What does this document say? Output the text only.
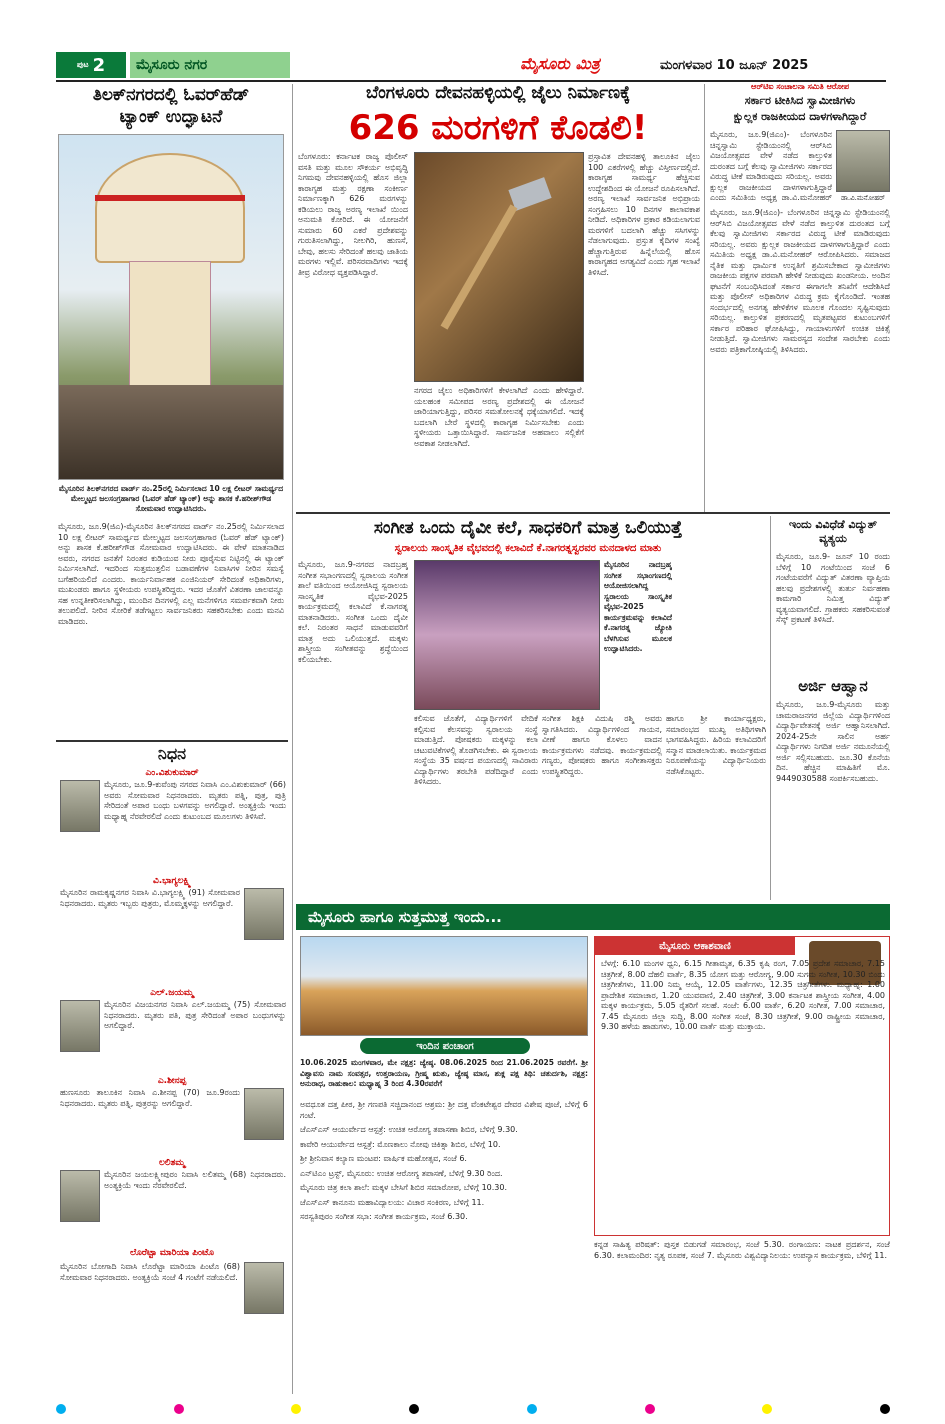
ಪುಟ 2	ಮೈಸೂರು ನಗರ	ಮೈಸೂರು ಮಿತ್ರ	ಮಂಗಳವಾರ 10 ಜೂನ್ 2025
ತಿಲಕ್‌ನಗರದಲ್ಲಿ ಓವರ್‌ಹೆಡ್
ಟ್ಯಾಂಕ್ ಉದ್ಘಾಟನೆ
ಮೈಸೂರಿನ ತಿಲಕ್‌ನಗರದ ವಾರ್ಡ್ ನಂ.25ರಲ್ಲಿ ನಿರ್ಮಿಸಲಾದ 10 ಲಕ್ಷ ಲೀಟರ್ ಸಾಮರ್ಥ್ಯದ ಮೇಲ್ಮಟ್ಟದ ಜಲಸಂಗ್ರಹಾಗಾರ (ಓವರ್ ಹೆಡ್ ಟ್ಯಾಂಕ್) ಅನ್ನು ಶಾಸಕ ಕೆ.ಹರೀಶ್‌ಗೌಡ ಸೋಮವಾರ ಉದ್ಘಾಟಿಸಿದರು.
ಮೈಸೂರು, ಜೂ.9(ಜಿಎ)-ಮೈಸೂರಿನ ತಿಲಕ್‌ನಗರದ ವಾರ್ಡ್ ನಂ.25ರಲ್ಲಿ ನಿರ್ಮಿಸಲಾದ 10 ಲಕ್ಷ ಲೀಟರ್ ಸಾಮರ್ಥ್ಯದ ಮೇಲ್ಮಟ್ಟದ ಜಲಸಂಗ್ರಹಾಗಾರ (ಓವರ್ ಹೆಡ್ ಟ್ಯಾಂಕ್) ಅನ್ನು ಶಾಸಕ ಕೆ.ಹರೀಶ್‌ಗೌಡ ಸೋಮವಾರ ಉದ್ಘಾಟಿಸಿದರು. ಈ ವೇಳೆ ಮಾತನಾಡಿದ ಅವರು, ನಗರದ ಜನತೆಗೆ ನಿರಂತರ ಕುಡಿಯುವ ನೀರು ಪೂರೈಸುವ ನಿಟ್ಟಿನಲ್ಲಿ ಈ ಟ್ಯಾಂಕ್ ನಿರ್ಮಿಸಲಾಗಿದೆ. ಇದರಿಂದ ಸುತ್ತಮುತ್ತಲಿನ ಬಡಾವಣೆಗಳ ನಿವಾಸಿಗಳ ನೀರಿನ ಸಮಸ್ಯೆ ಬಗೆಹರಿಯಲಿದೆ ಎಂದರು. ಕಾರ್ಯನಿರ್ವಾಹಕ ಎಂಜಿನಿಯರ್ ಸೇರಿದಂತೆ ಅಧಿಕಾರಿಗಳು, ಮುಖಂಡರು ಹಾಗೂ ಸ್ಥಳೀಯರು ಉಪಸ್ಥಿತರಿದ್ದರು. ಇದರ ಜೊತೆಗೆ ವಿತರಣಾ ಜಾಲವನ್ನೂ ಸಹ ಉನ್ನತೀಕರಿಸಲಾಗಿದ್ದು, ಮುಂದಿನ ದಿನಗಳಲ್ಲಿ ಎಲ್ಲ ಮನೆಗಳಿಗೂ ಸಮರ್ಪಕವಾಗಿ ನೀರು ತಲುಪಲಿದೆ. ನೀರಿನ ಸೋರಿಕೆ ತಡೆಗಟ್ಟಲು ಸಾರ್ವಜನಿಕರು ಸಹಕರಿಸಬೇಕು ಎಂದು ಮನವಿ ಮಾಡಿದರು.
ನಿಧನ
ಎಂ.ವಿಶುಕುಮಾರ್
ಮೈಸೂರು, ಜೂ.9-ಕುವೆಂಪು ನಗರದ ನಿವಾಸಿ ಎಂ.ವಿಶುಕುಮಾರ್ (66) ಅವರು ಸೋಮವಾರ ನಿಧನರಾದರು. ಮೃತರು ಪತ್ನಿ, ಪುತ್ರ, ಪುತ್ರಿ ಸೇರಿದಂತೆ ಅಪಾರ ಬಂಧು ಬಳಗವನ್ನು ಅಗಲಿದ್ದಾರೆ. ಅಂತ್ಯಕ್ರಿಯೆ ಇಂದು ಮಧ್ಯಾಹ್ನ ನೆರವೇರಲಿದೆ ಎಂದು ಕುಟುಂಬದ ಮೂಲಗಳು ತಿಳಿಸಿವೆ.
ವಿ.ಭಾಗ್ಯಲಕ್ಷ್ಮಿ
ಮೈಸೂರಿನ ರಾಮಕೃಷ್ಣನಗರ ನಿವಾಸಿ ವಿ.ಭಾಗ್ಯಲಕ್ಷ್ಮಿ (91) ಸೋಮವಾರ ನಿಧನರಾದರು. ಮೃತರು ಇಬ್ಬರು ಪುತ್ರರು, ಮೊಮ್ಮಕ್ಕಳನ್ನು ಅಗಲಿದ್ದಾರೆ.
ಎಲ್.ಜಯಮ್ಮ
ಮೈಸೂರಿನ ವಿಜಯನಗರ ನಿವಾಸಿ ಎಲ್.ಜಯಮ್ಮ (75) ಸೋಮವಾರ ನಿಧನರಾದರು. ಮೃತರು ಪತಿ, ಪುತ್ರ ಸೇರಿದಂತೆ ಅಪಾರ ಬಂಧುಗಳನ್ನು ಅಗಲಿದ್ದಾರೆ.
ಎ.ಶೀನಪ್ಪ
ಹುಣಸೂರು ತಾಲೂಕಿನ ನಿವಾಸಿ ಎ.ಶೀನಪ್ಪ (70) ಜೂ.9ರಂದು ನಿಧನರಾದರು. ಮೃತರು ಪತ್ನಿ, ಪುತ್ರರನ್ನು ಅಗಲಿದ್ದಾರೆ.
ಲಲಿತಮ್ಮ
ಮೈಸೂರಿನ ಜಯಲಕ್ಷ್ಮೀಪುರಂ ನಿವಾಸಿ ಲಲಿತಮ್ಮ (68) ನಿಧನರಾದರು. ಅಂತ್ಯಕ್ರಿಯೆ ಇಂದು ನೆರವೇರಲಿದೆ.
ಲೊರೆಟ್ಟಾ ಮಾರಿಯಾ ಪಿಂಟೊ
ಮೈಸೂರಿನ ಬೋಗಾದಿ ನಿವಾಸಿ ಲೊರೆಟ್ಟಾ ಮಾರಿಯಾ ಪಿಂಟೊ (68) ಸೋಮವಾರ ನಿಧನರಾದರು. ಅಂತ್ಯಕ್ರಿಯೆ ಸಂಜೆ 4 ಗಂಟೆಗೆ ನಡೆಯಲಿದೆ.
ಬೆಂಗಳೂರು ದೇವನಹಳ್ಳಿಯಲ್ಲಿ ಜೈಲು ನಿರ್ಮಾಣಕ್ಕೆ
626 ಮರಗಳಿಗೆ ಕೊಡಲಿ!
ಬೆಂಗಳೂರು: ಕರ್ನಾಟಕ ರಾಜ್ಯ ಪೊಲೀಸ್ ವಸತಿ ಮತ್ತು ಮೂಲ ಸೌಕರ್ಯ ಅಭಿವೃದ್ಧಿ ನಿಗಮವು ದೇವನಹಳ್ಳಿಯಲ್ಲಿ ಹೊಸ ಜಿಲ್ಲಾ ಕಾರಾಗೃಹ ಮತ್ತು ರಕ್ಷಣಾ ಸಂಕೀರ್ಣ ನಿರ್ಮಾಣಕ್ಕಾಗಿ 626 ಮರಗಳನ್ನು ಕಡಿಯಲು ರಾಜ್ಯ ಅರಣ್ಯ ಇಲಾಖೆ ಯಿಂದ ಅನುಮತಿ ಕೋರಿದೆ. ಈ ಯೋಜನೆಗೆ ಸುಮಾರು 60 ಎಕರೆ ಪ್ರದೇಶವನ್ನು ಗುರುತಿಸಲಾಗಿದ್ದು, ನೀಲಗಿರಿ, ಹುಣಸೆ, ಬೇವು, ಹಲಸು ಸೇರಿದಂತೆ ಹಲವು ಜಾತಿಯ ಮರಗಳು ಇಲ್ಲಿವೆ. ಪರಿಸರವಾದಿಗಳು ಇದಕ್ಕೆ ತೀವ್ರ ವಿರೋಧ ವ್ಯಕ್ತಪಡಿಸಿದ್ದಾರೆ.
ನಗರದ ಜೈಲು ಅಧಿಕಾರಿಗಳಿಗೆ ಕೇಳಲಾಗಿದೆ ಎಂದು ಹೇಳಿದ್ದಾರೆ. ಯಲಹಂಕ ಸಮೀಪದ ಅರಣ್ಯ ಪ್ರದೇಶದಲ್ಲಿ ಈ ಯೋಜನೆ ಜಾರಿಯಾಗುತ್ತಿದ್ದು, ಪರಿಸರ ಸಮತೋಲನಕ್ಕೆ ಧಕ್ಕೆಯಾಗಲಿದೆ. ಇದಕ್ಕೆ ಬದಲಾಗಿ ಬೇರೆ ಸ್ಥಳದಲ್ಲಿ ಕಾರಾಗೃಹ ನಿರ್ಮಿಸಬೇಕು ಎಂದು ಸ್ಥಳೀಯರು ಒತ್ತಾಯಿಸಿದ್ದಾರೆ. ಸಾರ್ವಜನಿಕ ಅಹವಾಲು ಸಲ್ಲಿಕೆಗೆ ಅವಕಾಶ ನೀಡಲಾಗಿದೆ.
ಪ್ರಸ್ತಾವಿತ ದೇವನಹಳ್ಳಿ ತಾಲೂಕಿನ ಜೈಲು 100 ಎಕರೆಗಳಲ್ಲಿ ಹೆಚ್ಚು ವಿಸ್ತೀರ್ಣದಲ್ಲಿದೆ. ಕಾರಾಗೃಹ ಸಾಮರ್ಥ್ಯ ಹೆಚ್ಚಿಸುವ ಉದ್ದೇಶದಿಂದ ಈ ಯೋಜನೆ ರೂಪಿಸಲಾಗಿದೆ. ಅರಣ್ಯ ಇಲಾಖೆ ಸಾರ್ವಜನಿಕ ಅಭಿಪ್ರಾಯ ಸಂಗ್ರಹಿಸಲು 10 ದಿನಗಳ ಕಾಲಾವಕಾಶ ನೀಡಿದೆ. ಅಧಿಕಾರಿಗಳ ಪ್ರಕಾರ ಕಡಿಯಲಾಗುವ ಮರಗಳಿಗೆ ಬದಲಾಗಿ ಹೆಚ್ಚು ಸಸಿಗಳನ್ನು ನೆಡಲಾಗುವುದು. ಪ್ರಸ್ತುತ ಕೈದಿಗಳ ಸಂಖ್ಯೆ ಹೆಚ್ಚಾಗುತ್ತಿರುವ ಹಿನ್ನೆಲೆಯಲ್ಲಿ ಹೊಸ ಕಾರಾಗೃಹದ ಅಗತ್ಯವಿದೆ ಎಂದು ಗೃಹ ಇಲಾಖೆ ತಿಳಿಸಿದೆ.
ಆರ್‌ಟಿಐ ಸಂಚಾಲನಾ ಸಮಿತಿ ಆರೋಪ
ಸರ್ಕಾರ ಟೀಕಿಸಿದ ಸ್ವಾಮೀಜಿಗಳು
ಕ್ಷುಲ್ಲಕ ರಾಜಕೀಯದ ದಾಳಗಳಾಗಿದ್ದಾರೆ
ಡಾ.ವಿ.ಮನೋಹರ್
ಮೈಸೂರು, ಜೂ.9(ಜಿಎಂ)- ಬೆಂಗಳೂರಿನ ಚಿನ್ನಸ್ವಾಮಿ ಸ್ಟೇಡಿಯಂನಲ್ಲಿ ಆರ್‌ಸಿಬಿ ವಿಜಯೋತ್ಸವದ ವೇಳೆ ನಡೆದ ಕಾಲ್ತುಳಿತ ದುರಂತದ ಬಗ್ಗೆ ಕೆಲವು ಸ್ವಾಮೀಜಿಗಳು ಸರ್ಕಾರದ ವಿರುದ್ಧ ಟೀಕೆ ಮಾಡಿರುವುದು ಸರಿಯಲ್ಲ. ಅವರು ಕ್ಷುಲ್ಲಕ ರಾಜಕೀಯದ ದಾಳಗಳಾಗುತ್ತಿದ್ದಾರೆ ಎಂದು ಸಮಿತಿಯ ಅಧ್ಯಕ್ಷ ಡಾ.ವಿ.ಮನೋಹರ್
ಮೈಸೂರು, ಜೂ.9(ಜಿಎಂ)- ಬೆಂಗಳೂರಿನ ಚಿನ್ನಸ್ವಾಮಿ ಸ್ಟೇಡಿಯಂನಲ್ಲಿ ಆರ್‌ಸಿಬಿ ವಿಜಯೋತ್ಸವದ ವೇಳೆ ನಡೆದ ಕಾಲ್ತುಳಿತ ದುರಂತದ ಬಗ್ಗೆ ಕೆಲವು ಸ್ವಾಮೀಜಿಗಳು ಸರ್ಕಾರದ ವಿರುದ್ಧ ಟೀಕೆ ಮಾಡಿರುವುದು ಸರಿಯಲ್ಲ. ಅವರು ಕ್ಷುಲ್ಲಕ ರಾಜಕೀಯದ ದಾಳಗಳಾಗುತ್ತಿದ್ದಾರೆ ಎಂದು ಸಮಿತಿಯ ಅಧ್ಯಕ್ಷ ಡಾ.ವಿ.ಮನೋಹರ್ ಆರೋಪಿಸಿದರು. ಸಮಾಜದ ನೈತಿಕ ಮತ್ತು ಧಾರ್ಮಿಕ ಉನ್ನತಿಗೆ ಶ್ರಮಿಸಬೇಕಾದ ಸ್ವಾಮೀಜಿಗಳು ರಾಜಕೀಯ ಪಕ್ಷಗಳ ಪರವಾಗಿ ಹೇಳಿಕೆ ನೀಡುವುದು ಖಂಡನೀಯ. ಅಂದಿನ ಘಟನೆಗೆ ಸಂಬಂಧಿಸಿದಂತೆ ಸರ್ಕಾರ ಈಗಾಗಲೇ ತನಿಖೆಗೆ ಆದೇಶಿಸಿದೆ ಮತ್ತು ಪೊಲೀಸ್ ಅಧಿಕಾರಿಗಳ ವಿರುದ್ಧ ಕ್ರಮ ಕೈಗೊಂಡಿದೆ. ಇಂತಹ ಸಂದರ್ಭದಲ್ಲಿ ಅನಗತ್ಯ ಹೇಳಿಕೆಗಳ ಮೂಲಕ ಗೊಂದಲ ಸೃಷ್ಟಿಸುವುದು ಸರಿಯಲ್ಲ. ಕಾಲ್ತುಳಿತ ಪ್ರಕರಣದಲ್ಲಿ ಮೃತಪಟ್ಟವರ ಕುಟುಂಬಗಳಿಗೆ ಸರ್ಕಾರ ಪರಿಹಾರ ಘೋಷಿಸಿದ್ದು, ಗಾಯಾಳುಗಳಿಗೆ ಉಚಿತ ಚಿಕಿತ್ಸೆ ನೀಡುತ್ತಿದೆ. ಸ್ವಾಮೀಜಿಗಳು ಸಾಮರಸ್ಯದ ಸಂದೇಶ ಸಾರಬೇಕು ಎಂದು ಅವರು ಪತ್ರಿಕಾಗೋಷ್ಠಿಯಲ್ಲಿ ತಿಳಿಸಿದರು.
ಸಂಗೀತ ಒಂದು ದೈವೀ ಕಲೆ, ಸಾಧಕರಿಗೆ ಮಾತ್ರ ಒಲಿಯುತ್ತೆ
ಸ್ವರಾಲಯ ಸಾಂಸ್ಕೃತಿಕ ವೈಭವದಲ್ಲಿ ಕಲಾವಿದೆ ಕೆ.ನಾಗರತ್ನಸ್ವರವರ ಮನದಾಳದ ಮಾತು
ಮೈಸೂರು, ಜೂ.9-ನಗರದ ನಾದಬ್ರಹ್ಮ ಸಂಗೀತ ಸಭಾಂಗಣದಲ್ಲಿ ಸ್ವರಾಲಯ ಸಂಗೀತ ಶಾಲೆ ವತಿಯಿಂದ ಆಯೋಜಿಸಿದ್ದ ಸ್ವರಾಲಯ ಸಾಂಸ್ಕೃತಿಕ ವೈಭವ-2025 ಕಾರ್ಯಕ್ರಮದಲ್ಲಿ ಕಲಾವಿದೆ ಕೆ.ನಾಗರತ್ನ ಮಾತನಾಡಿದರು. ಸಂಗೀತ ಒಂದು ದೈವೀ ಕಲೆ. ನಿರಂತರ ಸಾಧನೆ ಮಾಡುವವರಿಗೆ ಮಾತ್ರ ಅದು ಒಲಿಯುತ್ತದೆ. ಮಕ್ಕಳು ಶಾಸ್ತ್ರೀಯ ಸಂಗೀತವನ್ನು ಶ್ರದ್ಧೆಯಿಂದ ಕಲಿಯಬೇಕು.
ಮೈಸೂರಿನ ನಾದಬ್ರಹ್ಮ ಸಂಗೀತ ಸಭಾಂಗಣದಲ್ಲಿ ಆಯೋಜಿಸಲಾಗಿದ್ದ ಸ್ವರಾಲಯ ಸಾಂಸ್ಕೃತಿಕ ವೈಭವ-2025 ಕಾರ್ಯಕ್ರಮವನ್ನು ಕಲಾವಿದೆ ಕೆ.ನಾಗರತ್ನ ಜ್ಯೋತಿ ಬೆಳಗಿಸುವ ಮೂಲಕ ಉದ್ಘಾಟಿಸಿದರು.
ಕಲಿಸುವ ಜೊತೆಗೆ, ವಿದ್ಯಾರ್ಥಿಗಳಿಗೆ ವೇದಿಕೆ ಕಲ್ಪಿಸುವ ಕೆಲಸವನ್ನು ಸ್ವರಾಲಯ ಸಂಸ್ಥೆ ಮಾಡುತ್ತಿದೆ. ಪೋಷಕರು ಮಕ್ಕಳನ್ನು ಕಲಾ ಚಟುವಟಿಕೆಗಳಲ್ಲಿ ತೊಡಗಿಸಬೇಕು. ಈ ಸ್ವರಾಲಯ ಸಂಸ್ಥೆಯ 35 ವರ್ಷದ ಪಯಣದಲ್ಲಿ ಸಾವಿರಾರು ವಿದ್ಯಾರ್ಥಿಗಳು ತರಬೇತಿ ಪಡೆದಿದ್ದಾರೆ ಎಂದು ತಿಳಿಸಿದರು.
ಸಂಗೀತ ಶಿಕ್ಷಕಿ ವಿದುಷಿ ರಶ್ಮಿ ಅವರು ಸ್ವಾಗತಿಸಿದರು. ವಿದ್ಯಾರ್ಥಿಗಳಿಂದ ಗಾಯನ, ವೀಣೆ ಹಾಗೂ ಕೊಳಲು ವಾದನ ಕಾರ್ಯಕ್ರಮಗಳು ನಡೆದವು. ಕಾರ್ಯಕ್ರಮದಲ್ಲಿ ಗಣ್ಯರು, ಪೋಷಕರು ಹಾಗೂ ಸಂಗೀತಾಸಕ್ತರು ಉಪಸ್ಥಿತರಿದ್ದರು.
ಹಾಗೂ ಶ್ರೀ ಕಾರ್ಯಾಧ್ಯಕ್ಷರು, ಸಮಾರಂಭದ ಮುಖ್ಯ ಅತಿಥಿಗಳಾಗಿ ಭಾಗವಹಿಸಿದ್ದರು. ಹಿರಿಯ ಕಲಾವಿದರಿಗೆ ಸನ್ಮಾನ ಮಾಡಲಾಯಿತು. ಕಾರ್ಯಕ್ರಮದ ನಿರೂಪಣೆಯನ್ನು ವಿದ್ಯಾರ್ಥಿನಿಯರು ನಡೆಸಿಕೊಟ್ಟರು.
ಇಂದು ವಿವಿಧೆಡೆ ವಿದ್ಯುತ್ ವ್ಯತ್ಯಯ
ಮೈಸೂರು, ಜೂ.9- ಜೂನ್ 10 ರಂದು ಬೆಳಿಗ್ಗೆ 10 ಗಂಟೆಯಿಂದ ಸಂಜೆ 6 ಗಂಟೆಯವರೆಗೆ ವಿದ್ಯುತ್ ವಿತರಣಾ ವ್ಯಾಪ್ತಿಯ ಹಲವು ಪ್ರದೇಶಗಳಲ್ಲಿ ತುರ್ತು ನಿರ್ವಹಣಾ ಕಾಮಗಾರಿ ನಿಮಿತ್ತ ವಿದ್ಯುತ್ ವ್ಯತ್ಯಯವಾಗಲಿದೆ. ಗ್ರಾಹಕರು ಸಹಕರಿಸುವಂತೆ ಸೆಸ್ಕ್ ಪ್ರಕಟಣೆ ತಿಳಿಸಿದೆ.
ಅರ್ಜಿ ಆಹ್ವಾನ
ಮೈಸೂರು, ಜೂ.9-ಮೈಸೂರು ಮತ್ತು ಚಾಮರಾಜನಗರ ಜಿಲ್ಲೆಯ ವಿದ್ಯಾರ್ಥಿಗಳಿಂದ ವಿದ್ಯಾರ್ಥಿವೇತನಕ್ಕೆ ಅರ್ಜಿ ಆಹ್ವಾನಿಸಲಾಗಿದೆ. 2024-25ನೇ ಸಾಲಿನ ಅರ್ಹ ವಿದ್ಯಾರ್ಥಿಗಳು ನಿಗದಿತ ಅರ್ಜಿ ನಮೂನೆಯಲ್ಲಿ ಅರ್ಜಿ ಸಲ್ಲಿಸಬಹುದು. ಜೂ.30 ಕೊನೆಯ ದಿನ. ಹೆಚ್ಚಿನ ಮಾಹಿತಿಗೆ ಮೊ. 9449030588 ಸಂಪರ್ಕಿಸಬಹುದು.
ಮೈಸೂರು ಹಾಗೂ ಸುತ್ತಮುತ್ತ ಇಂದು...
ಇಂದಿನ ಪಂಚಾಂಗ
10.06.2025 ಮಂಗಳವಾರ, ಮೇ ನಕ್ಷತ್ರ: ಜ್ಯೇಷ್ಠ. 08.06.2025 ರಿಂದ 21.06.2025 ರವರೆಗೆ. ಶ್ರೀ ವಿಶ್ವಾವಸು ನಾಮ ಸಂವತ್ಸರ, ಉತ್ತರಾಯಣ, ಗ್ರೀಷ್ಮ ಋತು, ಜ್ಯೇಷ್ಠ ಮಾಸ, ಶುಕ್ಲ ಪಕ್ಷ ತಿಥಿ: ಚತುರ್ದಶಿ, ನಕ್ಷತ್ರ: ಅನುರಾಧ, ರಾಹುಕಾಲ: ಮಧ್ಯಾಹ್ನ 3 ರಿಂದ 4.30ರವರೆಗೆ
ಅವಧೂತ ದತ್ತ ಪೀಠ, ಶ್ರೀ ಗಣಪತಿ ಸಚ್ಚಿದಾನಂದ ಆಶ್ರಮ: ಶ್ರೀ ದತ್ತ ವೆಂಕಟೇಶ್ವರ ದೇವರ ವಿಶೇಷ ಪೂಜೆ, ಬೆಳಿಗ್ಗೆ 6 ಗಂಟೆ.
ಜೆಎಸ್‌ಎಸ್ ಆಯುರ್ವೇದ ಆಸ್ಪತ್ರೆ: ಉಚಿತ ಆರೋಗ್ಯ ತಪಾಸಣಾ ಶಿಬಿರ, ಬೆಳಿಗ್ಗೆ 9.30.
ಕಾವೇರಿ ಆಯುರ್ವೇದ ಆಸ್ಪತ್ರೆ: ಮೊಣಕಾಲು ನೋವು ಚಿಕಿತ್ಸಾ ಶಿಬಿರ, ಬೆಳಿಗ್ಗೆ 10.
ಶ್ರೀ ಶ್ರೀನಿವಾಸ ಕಲ್ಯಾಣ ಮಂಟಪ: ವಾರ್ಷಿಕ ಮಹೋತ್ಸವ, ಸಂಜೆ 6.
ಎನ್‌ಟಿಎಂ ಟ್ರಸ್ಟ್, ಮೈಸೂರು: ಉಚಿತ ಆರೋಗ್ಯ ತಪಾಸಣೆ, ಬೆಳಿಗ್ಗೆ 9.30 ರಿಂದ.
ಮೈಸೂರು ಚಿತ್ರ ಕಲಾ ಶಾಲೆ: ಮಕ್ಕಳ ಬೇಸಿಗೆ ಶಿಬಿರ ಸಮಾರೋಪ, ಬೆಳಿಗ್ಗೆ 10.30.
ಜೆಎಸ್‌ಎಸ್ ಕಾನೂನು ಮಹಾವಿದ್ಯಾಲಯ: ವಿಚಾರ ಸಂಕಿರಣ, ಬೆಳಿಗ್ಗೆ 11.
ಸರಸ್ವತಿಪುರಂ ಸಂಗೀತ ಸಭಾ: ಸಂಗೀತ ಕಾರ್ಯಕ್ರಮ, ಸಂಜೆ 6.30.
ಮೈಸೂರು ಆಕಾಶವಾಣಿ
ಬೆಳಗ್ಗೆ: 6.10 ಮಂಗಳ ಧ್ವನಿ, 6.15 ಗೀತಾಮೃತ, 6.35 ಕೃಷಿ ರಂಗ, 7.05 ಪ್ರದೇಶ ಸಮಾಚಾರ, 7.15 ಚಿತ್ರಗೀತೆ, 8.00 ದೆಹಲಿ ವಾರ್ತೆ, 8.35 ಯೋಗ ಮತ್ತು ಆರೋಗ್ಯ, 9.00 ಸುಗಮ ಸಂಗೀತ, 10.30 ಬಿಂದು ಚಿತ್ರಗೀತೆಗಳು, 11.00 ನಿಮ್ಮ ಆಯ್ಕೆ, 12.05 ವಾರ್ತೆಗಳು, 12.35 ಚಿತ್ರಗೀತೆಗಳು. ಮಧ್ಯಾಹ್ನ: 1.00 ಪ್ರಾದೇಶಿಕ ಸಮಾಚಾರ, 1.20 ಯುವವಾಣಿ, 2.40 ಚಿತ್ರಗೀತೆ, 3.00 ಕರ್ನಾಟಕ ಶಾಸ್ತ್ರೀಯ ಸಂಗೀತ, 4.00 ಮಕ್ಕಳ ಕಾರ್ಯಕ್ರಮ, 5.05 ರೈತರಿಗೆ ಸಲಹೆ. ಸಂಜೆ: 6.00 ವಾರ್ತೆ, 6.20 ಸಂಗೀತ, 7.00 ಸಮಾಚಾರ, 7.45 ಮೈಸೂರು ಜಿಲ್ಲಾ ಸುದ್ದಿ, 8.00 ಸಂಗೀತ ಸಂಜೆ, 8.30 ಚಿತ್ರಗೀತೆ, 9.00 ರಾಷ್ಟ್ರೀಯ ಸಮಾಚಾರ, 9.30 ಹಳೆಯ ಹಾಡುಗಳು, 10.00 ವಾರ್ತೆ ಮತ್ತು ಮುಕ್ತಾಯ.
ಕನ್ನಡ ಸಾಹಿತ್ಯ ಪರಿಷತ್: ಪುಸ್ತಕ ಬಿಡುಗಡೆ ಸಮಾರಂಭ, ಸಂಜೆ 5.30. ರಂಗಾಯಣ: ನಾಟಕ ಪ್ರದರ್ಶನ, ಸಂಜೆ 6.30. ಕಲಾಮಂದಿರ: ನೃತ್ಯ ರೂಪಕ, ಸಂಜೆ 7. ಮೈಸೂರು ವಿಶ್ವವಿದ್ಯಾನಿಲಯ: ಉಪನ್ಯಾಸ ಕಾರ್ಯಕ್ರಮ, ಬೆಳಿಗ್ಗೆ 11.
